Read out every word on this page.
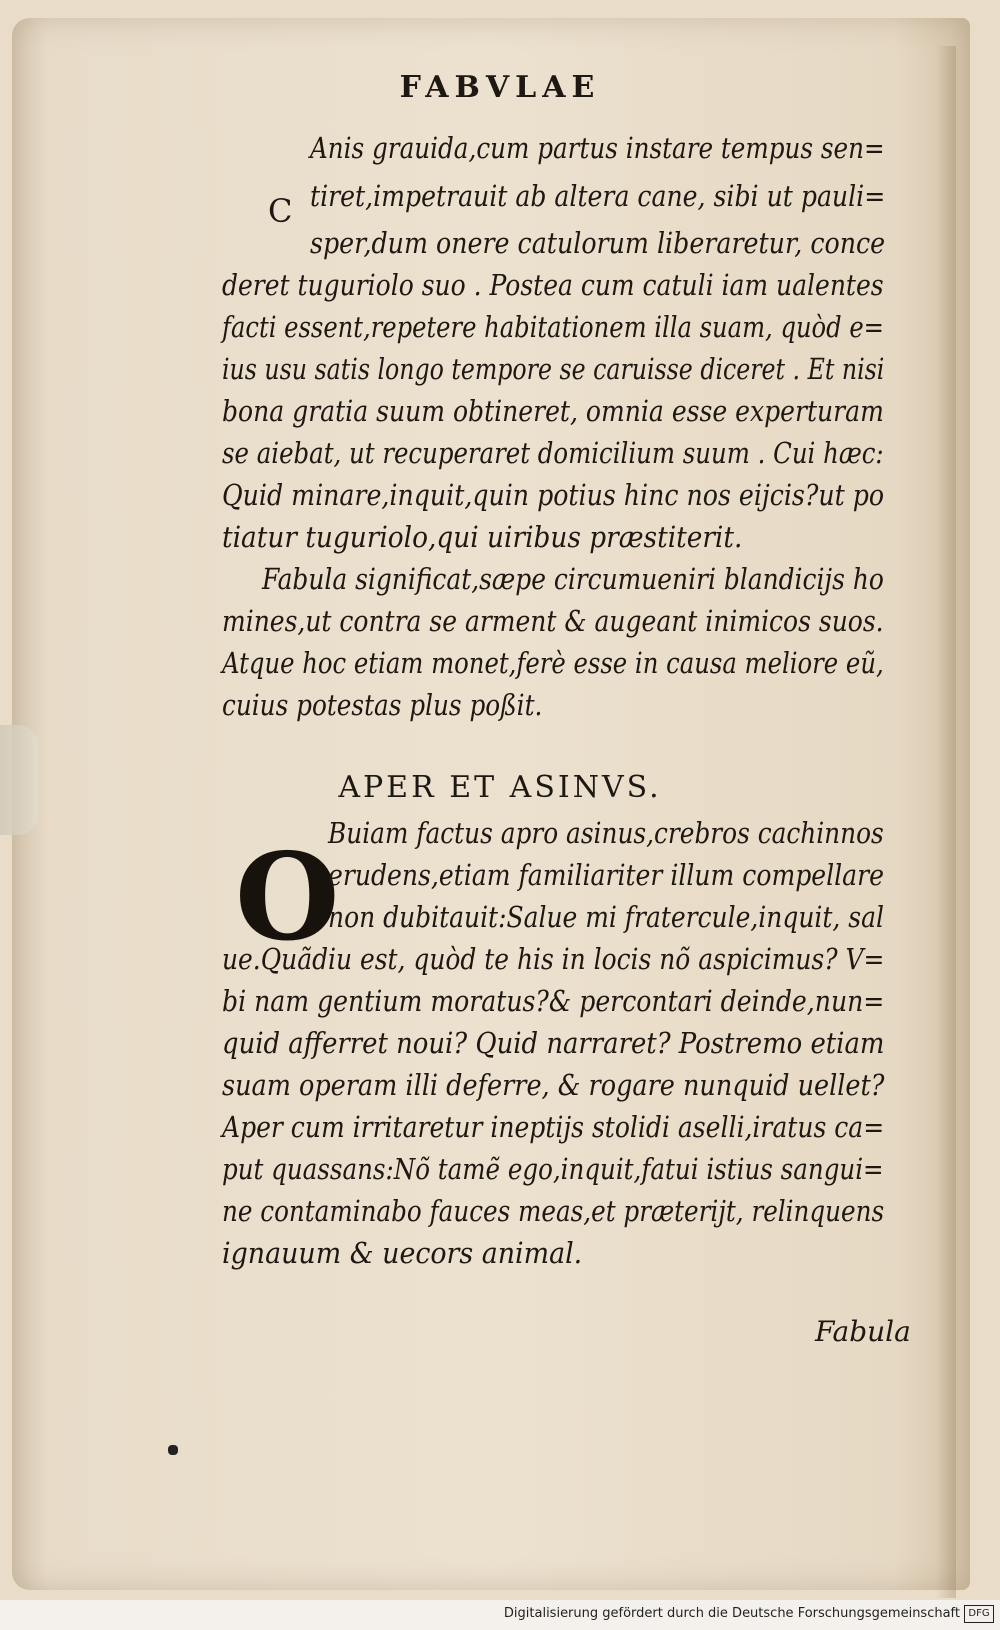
FABVLAE
C
Anis grauida,cum partus instare tempus sen=
tiret,impetrauit ab altera cane, sibi ut pauli=
sper,dum onere catulorum liberaretur, conce
deret tuguriolo suo . Postea cum catuli iam ualentes
facti essent,repetere habitationem illa suam, quòd e=
ius usu satis longo tempore se caruisse diceret . Et nisi
bona gratia suum obtineret, omnia esse experturam
se aiebat, ut recuperaret domicilium suum . Cui hæc:
Quid minare,inquit,quin potius hinc nos eijcis?ut po
tiatur tuguriolo,qui uiribus præstiterit.
Fabula significat,sæpe circumueniri blandicijs ho
mines,ut contra se arment & augeant inimicos suos.
Atque hoc etiam monet,ferè esse in causa meliore eũ,
cuius potestas plus poßit.
APER ET ASINVS.
O
Buiam factus apro asinus,crebros cachinnos
erudens,etiam familiariter illum compellare
non dubitauit:Salue mi fratercule,inquit, sal
ue.Quãdiu est, quòd te his in locis nõ aspicimus? V=
bi nam gentium moratus?& percontari deinde,nun=
quid afferret noui? Quid narraret? Postremo etiam
suam operam illi deferre, & rogare nunquid uellet?
Aper cum irritaretur ineptijs stolidi aselli,iratus ca=
put quassans:Nõ tamẽ ego,inquit,fatui istius sangui=
ne contaminabo fauces meas,et præterijt, relinquens
ignauum & uecors animal.
Fabula
Digitalisierung gefördert durch die Deutsche Forschungsgemeinschaft DFG
